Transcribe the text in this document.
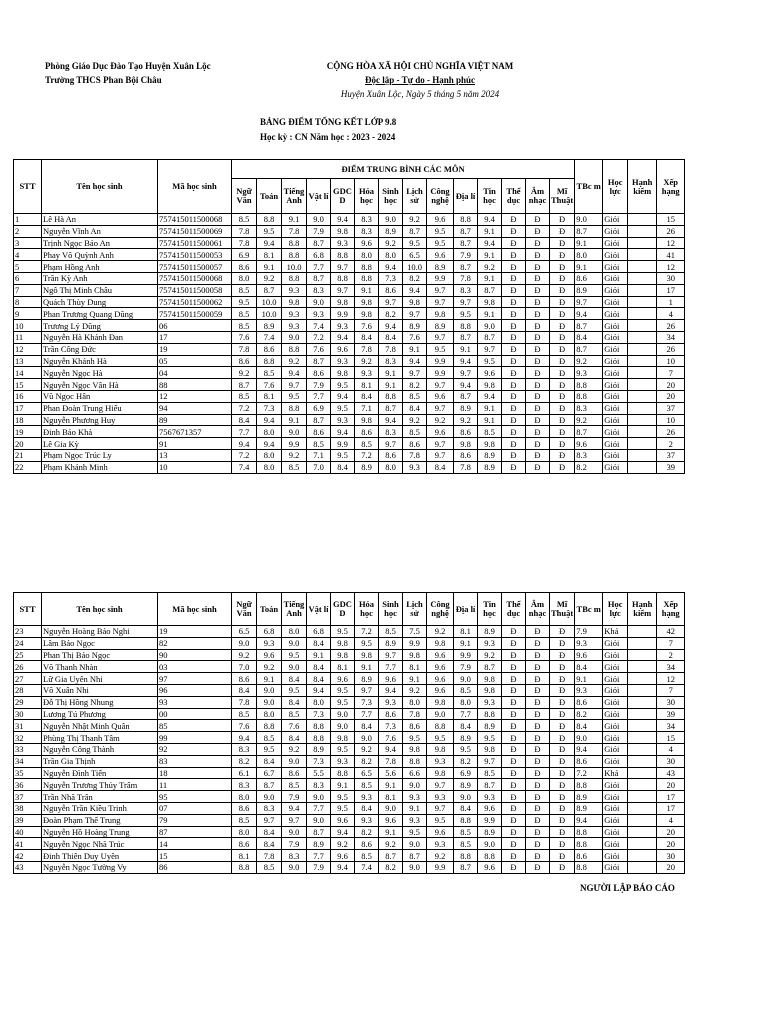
Phòng Giáo Dục Đào Tạo Huyện Xuân Lộc
Trường THCS Phan Bội Châu
CỘNG HÒA XÃ HỘI CHỦ NGHĨA VIỆT NAM
Độc lập - Tự do - Hạnh phúc
Huyện Xuân Lộc, Ngày 5 tháng 5 năm 2024
BẢNG ĐIỂM TỔNG KẾT LỚP 9.8
Học kỳ : CN Năm học : 2023 - 2024
STT	Tên học sinh	Mã học sinh	ĐIỂM TRUNG BÌNH CÁC MÔN														TBc m	Học lực	Hạnh kiểm	Xếp hạng
			Ngữ Văn	Toán	Tiếng Anh	Vật lí	GDC D	Hóa học	Sinh học	Lịch sử	Công nghệ	Địa lí	Tin học	Thể dục	Âm nhạc	Mĩ Thuật				
1	Lê Hà An	757415011500068	8.5	8.8	9.1	9.0	9.4	8.3	9.0	9.2	9.6	8.8	9.4	Đ	Đ	Đ	9.0	Giỏi		15
2	Nguyễn Vĩnh An	757415011500069	7.8	9.5	7.8	7.9	9.8	8.3	8.9	8.7	9.5	8.7	9.1	Đ	Đ	Đ	8.7	Giỏi		26
3	Trịnh Ngọc Bảo An	757415011500061	7.8	9.4	8.8	8.7	9.3	9.6	9.2	9.5	9.5	8.7	9.4	Đ	Đ	Đ	9.1	Giỏi		12
4	Phay Võ Quỳnh Anh	757415011500053	6.9	8.1	8.8	6.8	8.8	8.0	8.0	6.5	9.6	7.9	9.1	Đ	Đ	Đ	8.0	Giỏi		41
5	Phạm Hồng Anh	757415011500057	8.6	9.1	10.0	7.7	9.7	8.8	9.4	10.0	8.9	8.7	9.2	Đ	Đ	Đ	9.1	Giỏi		12
6	Trần Kỳ Anh	757415011500068	8.0	9.2	8.8	8.7	8.8	8.8	7.3	8.2	9.9	7.8	9.1	Đ	Đ	Đ	8.6	Giỏi		30
7	Ngô Thị Minh Châu	757415011500058	8.5	8.7	9.3	8.3	9.7	9.1	8.6	9.4	9.7	8.3	8.7	Đ	Đ	Đ	8.9	Giỏi		17
8	Quách Thùy Dung	757415011500062	9.5	10.0	9.8	9.0	9.8	9.8	9.7	9.8	9.7	9.7	9.8	Đ	Đ	Đ	9.7	Giỏi		1
9	Phan Trương Quang Dũng	757415011500059	8.5	10.0	9.3	9.3	9.9	9.8	8.2	9.7	9.8	9.5	9.1	Đ	Đ	Đ	9.4	Giỏi		4
10	Trương Lý Dũng	06	8.5	8.9	9.3	7.4	9.3	7.6	9.4	8.9	8.9	8.8	9.0	Đ	Đ	Đ	8.7	Giỏi		26
11	Nguyễn Hà Khánh Đan	17	7.6	7.4	9.0	7.2	9.4	8.4	8.4	7.6	9.7	8.7	8.7	Đ	Đ	Đ	8.4	Giỏi		34
12	Trần Công Đức	19	7.8	8.6	8.8	7.6	9.6	7.8	7.8	9.1	9.5	9.1	9.7	Đ	Đ	Đ	8.7	Giỏi		26
13	Nguyễn Khánh Hà	05	8.6	8.8	9.2	8.7	9.3	9.2	8.3	9.4	9.9	9.4	9.5	Đ	Đ	Đ	9.2	Giỏi		10
14	Nguyễn Ngọc Hà	04	9.2	8.5	9.4	8.6	9.8	9.3	9.1	9.7	9.9	9.7	9.6	Đ	Đ	Đ	9.3	Giỏi		7
15	Nguyễn Ngọc Vân Hà	88	8.7	7.6	9.7	7.9	9.5	8.1	9.1	8.2	9.7	9.4	9.8	Đ	Đ	Đ	8.8	Giỏi		20
16	Vũ Ngọc Hân	12	8.5	8.1	9.5	7.7	9.4	8.4	8.8	8.5	9.6	8.7	9.4	Đ	Đ	Đ	8.8	Giỏi		20
17	Phan Đoàn Trung Hiếu	94	7.2	7.3	8.8	6.9	9.5	7.1	8.7	8.4	9.7	8.9	9.1	Đ	Đ	Đ	8.3	Giỏi		37
18	Nguyễn Phương Huy	89	8.4	9.4	9.1	8.7	9.3	9.8	9.4	9.2	9.2	9.2	9.1	Đ	Đ	Đ	9.2	Giỏi		10
19	Đinh Bảo Khả	7567671357	7.7	8.0	9.0	8.6	9.4	8.6	8.3	8.5	9.6	8.6	8.5	Đ	Đ	Đ	8.7	Giỏi		26
20	Lê Gia Kỳ	91	9.4	9.4	9.9	8.5	9.9	8.5	9.7	8.6	9.7	9.8	9.8	Đ	Đ	Đ	9.6	Giỏi		2
21	Phạm Ngọc Trúc Ly	13	7.2	8.0	9.2	7.1	9.5	7.2	8.6	7.8	9.7	8.6	8.9	Đ	Đ	Đ	8.3	Giỏi		37
22	Phạm Khánh Minh	10	7.4	8.0	8.5	7.0	8.4	8.9	8.0	9.3	8.4	7.8	8.9	Đ	Đ	Đ	8.2	Giỏi		39
STT	Tên học sinh	Mã học sinh	Ngữ Văn	Toán	Tiếng Anh	Vật lí	GDC D	Hóa học	Sinh học	Lịch sử	Công nghệ	Địa lí	Tin học	Thể dục	Âm nhạc	Mĩ Thuật	TBc m	Học lực	Hạnh kiểm	Xếp hạng
23	Nguyễn Hoàng Bảo Nghi	19	6.5	6.8	8.0	6.8	9.5	7.2	8.5	7.5	9.2	8.1	8.9	Đ	Đ	Đ	7.9	Khá		42
24	Lâm Bảo Ngọc	82	9.0	9.3	9.0	8.4	9.8	9.5	8.9	9.9	9.8	9.1	9.3	Đ	Đ	Đ	9.3	Giỏi		7
25	Phan Thị Bảo Ngọc	90	9.2	9.6	9.5	9.1	9.8	9.8	9.7	9.8	9.6	9.9	9.2	Đ	Đ	Đ	9.6	Giỏi		2
26	Võ Thanh Nhàn	03	7.0	9.2	9.0	8.4	8.1	9.1	7.7	8.1	9.6	7.9	8.7	Đ	Đ	Đ	8.4	Giỏi		34
27	Lữ Gia Uyên Nhi	97	8.6	9.1	8.4	8.4	9.6	8.9	9.6	9.1	9.6	9.0	9.8	Đ	Đ	Đ	9.1	Giỏi		12
28	Võ Xuân Nhi	96	8.4	9.0	9.5	9.4	9.5	9.7	9.4	9.2	9.6	8.5	9.8	Đ	Đ	Đ	9.3	Giỏi		7
29	Đỗ Thị Hồng Nhung	93	7.8	9.0	8.4	8.0	9.5	7.3	9.3	8.0	9.8	8.0	9.3	Đ	Đ	Đ	8.6	Giỏi		30
30	Lương Tú Phương	00	8.5	8.0	8.5	7.3	9.0	7.7	8.6	7.8	9.0	7.7	8.8	Đ	Đ	Đ	8.2	Giỏi		39
31	Nguyễn Nhật Minh Quân	85	7.6	8.8	7.6	8.8	9.0	8.4	7.3	8.6	8.8	8.4	8.9	Đ	Đ	Đ	8.4	Giỏi		34
32	Phùng Thị Thanh Tâm	99	9.4	8.5	8.4	8.8	9.8	9.0	7.6	9.5	9.5	8.9	9.5	Đ	Đ	Đ	9.0	Giỏi		15
33	Nguyễn Công Thành	92	8.3	9.5	9.2	8.9	9.5	9.2	9.4	9.8	9.8	9.5	9.8	Đ	Đ	Đ	9.4	Giỏi		4
34	Trần Gia Thịnh	83	8.2	8.4	9.0	7.3	9.3	8.2	7.8	8.8	9.3	8.2	9.7	Đ	Đ	Đ	8.6	Giỏi		30
35	Nguyễn Đình Tiến	18	6.1	6.7	8.6	5.5	8.8	6.5	5.6	6.6	9.8	6.9	8.5	Đ	Đ	Đ	7.2	Khá		43
36	Nguyễn Trương Thủy Trâm	11	8.3	8.7	8.5	8.3	9.1	8.5	9.1	9.0	9.7	8.9	8.7	Đ	Đ	Đ	8.8	Giỏi		20
37	Trần Nhã Trân	95	8.0	9.0	7.9	9.0	9.5	9.3	8.1	9.3	9.3	9.0	9.3	Đ	Đ	Đ	8.9	Giỏi		17
38	Nguyễn Trần Kiều Trinh	07	8.6	8.3	9.4	7.7	9.5	8.4	9.0	9.1	9.7	8.4	9.6	Đ	Đ	Đ	8.9	Giỏi		17
39	Đoàn Phạm Thế Trung	79	8.5	9.7	9.7	9.0	9.6	9.3	9.6	9.3	9.5	8.8	9.9	Đ	Đ	Đ	9.4	Giỏi		4
40	Nguyễn Hồ Hoàng Trung	87	8.0	8.4	9.0	8.7	9.4	8.2	9.1	9.5	9.6	8.5	8.9	Đ	Đ	Đ	8.8	Giỏi		20
41	Nguyễn Ngọc Nhã Trúc	14	8.6	8.4	7.9	8.9	9.2	8.6	9.2	9.0	9.3	8.5	9.0	Đ	Đ	Đ	8.8	Giỏi		20
42	Đinh Thiên Duy Uyên	15	8.1	7.8	8.3	7.7	9.6	8.5	8.7	8.7	9.2	8.8	8.8	Đ	Đ	Đ	8.6	Giỏi		30
43	Nguyễn Ngọc Tường Vy	86	8.8	8.5	9.0	7.9	9.4	7.4	8.2	9.0	9.9	8.7	9.6	Đ	Đ	Đ	8.8	Giỏi		20
NGƯỜI LẬP BÁO CÁO
